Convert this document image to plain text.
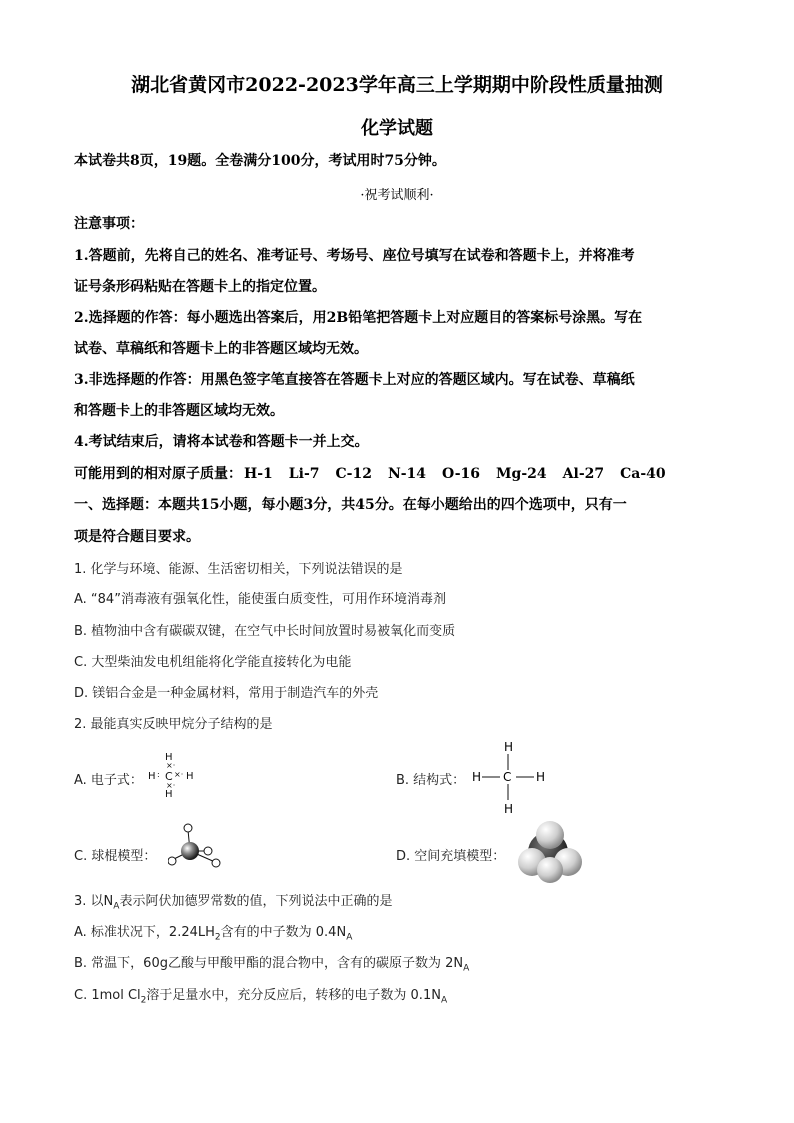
湖北省黄冈市2022-2023学年高三上学期期中阶段性质量抽测
化学试题
本试卷共8页，19题。全卷满分100分，考试用时75分钟。
·祝考试顺利·
注意事项：
1.答题前，先将自己的姓名、准考证号、考场号、座位号填写在试卷和答题卡上，并将准考
证号条形码粘贴在答题卡上的指定位置。
2.选择题的作答：每小题选出答案后，用2B铅笔把答题卡上对应题目的答案标号涂黑。写在
试卷、草稿纸和答题卡上的非答题区域均无效。
3.非选择题的作答：用黑色签字笔直接答在答题卡上对应的答题区域内。写在试卷、草稿纸
和答题卡上的非答题区域均无效。
4.考试结束后，请将本试卷和答题卡一并上交。
可能用到的相对原子质量： H-1 Li-7 C-12 N-14 O-16 Mg-24 Al-27 Ca-40
一、选择题：本题共15小题，每小题3分，共45分。在每小题给出的四个选项中，只有一
项是符合题目要求。
1. 化学与环境、能源、生活密切相关，下列说法错误的是
A. “84”消毒液有强氧化性，能使蛋白质变性，可用作环境消毒剂
B. 植物油中含有碳碳双键，在空气中长时间放置时易被氧化而变质
C. 大型柴油发电机组能将化学能直接转化为电能
D. 镁铝合金是一种金属材料，常用于制造汽车的外壳
2. 最能真实反映甲烷分子结构的是
A. 电子式：
H
×·
H : C ×· H
×·
H
B. 结构式：
H
H C H
H
C. 球棍模型：	D. 空间充填模型：
3. 以$N_A$表示阿伏加德罗常数的值，下列说法中正确的是
A. 标准状况下，$2.24LH_2$含有的中子数为 $0.4N_A$
B. 常温下，60g乙酸与甲酸甲酯的混合物中，含有的碳原子数为 $2N_A$
C. 1mol $Cl_2$溶于足量水中，充分反应后，转移的电子数为 $0.1N_A$
